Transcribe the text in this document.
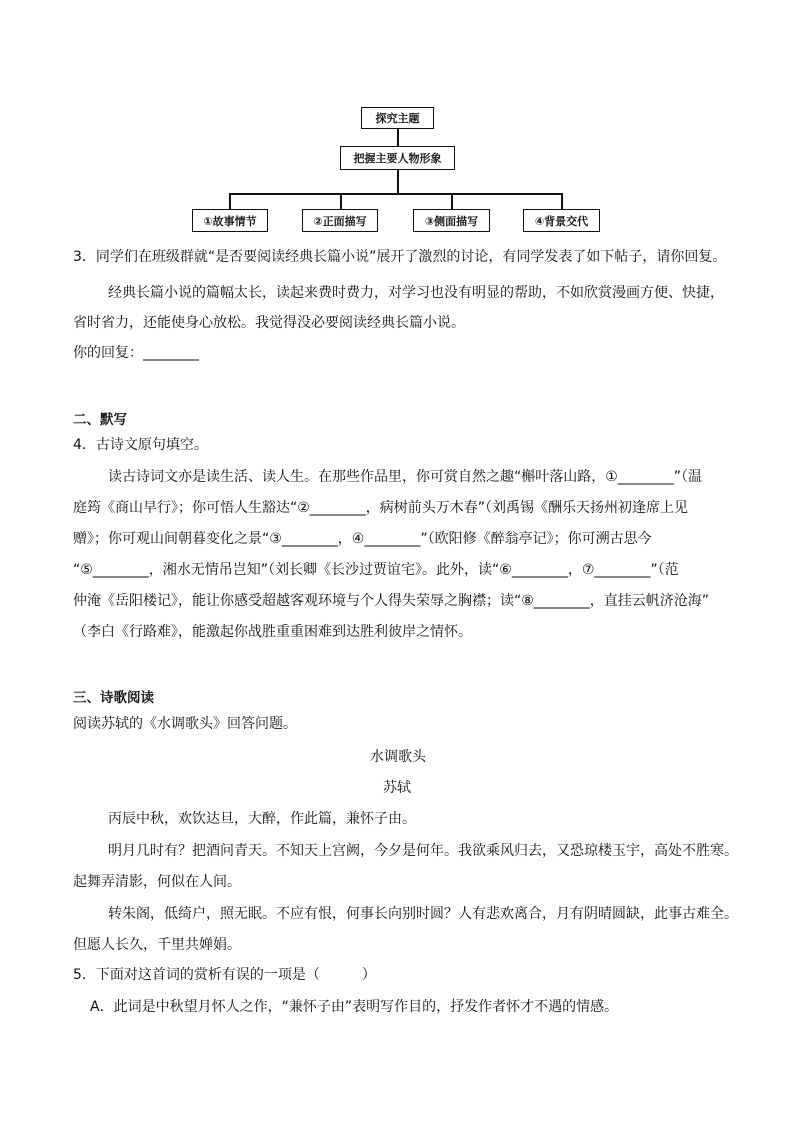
探究主题
把握主要人物形象
①故事情节	②正面描写	③侧面描写	④背景交代
3．同学们在班级群就“是否要阅读经典长篇小说”展开了激烈的讨论，有同学发表了如下帖子，请你回复。
经典长篇小说的篇幅太长，读起来费时费力，对学习也没有明显的帮助，不如欣赏漫画方便、快捷，
省时省力，还能使身心放松。我觉得没必要阅读经典长篇小说。
你的回复：________
二、默写
4．古诗文原句填空。
读古诗词文亦是读生活、读人生。在那些作品里，你可赏自然之趣“槲叶落山路，①________”（温
庭筠《商山早行》；你可悟人生豁达“②________，病树前头万木春”（刘禹锡《酬乐天扬州初逢席上见
赠》；你可观山间朝暮变化之景“③________，④________”（欧阳修《醉翁亭记》；你可溯古思今
“⑤________，湘水无情吊岂知”（刘长卿《长沙过贾谊宅》。此外，读“⑥________，⑦________”（范
仲淹《岳阳楼记》，能让你感受超越客观环境与个人得失荣辱之胸襟；读“⑧________，直挂云帆济沧海”
（李白《行路难》，能激起你战胜重重困难到达胜利彼岸之情怀。
三、诗歌阅读
阅读苏轼的《水调歌头》回答问题。
水调歌头
苏轼
丙辰中秋，欢饮达旦，大醉，作此篇，兼怀子由。
明月几时有？把酒问青天。不知天上宫阙，今夕是何年。我欲乘风归去，又恐琼楼玉宇，高处不胜寒。
起舞弄清影，何似在人间。
转朱阁，低绮户，照无眠。不应有恨，何事长向别时圆？人有悲欢离合，月有阴晴圆缺，此事古难全。
但愿人长久，千里共婵娟。
5．下面对这首词的赏析有误的一项是（　　　）
A．此词是中秋望月怀人之作，“兼怀子由”表明写作目的，抒发作者怀才不遇的情感。
